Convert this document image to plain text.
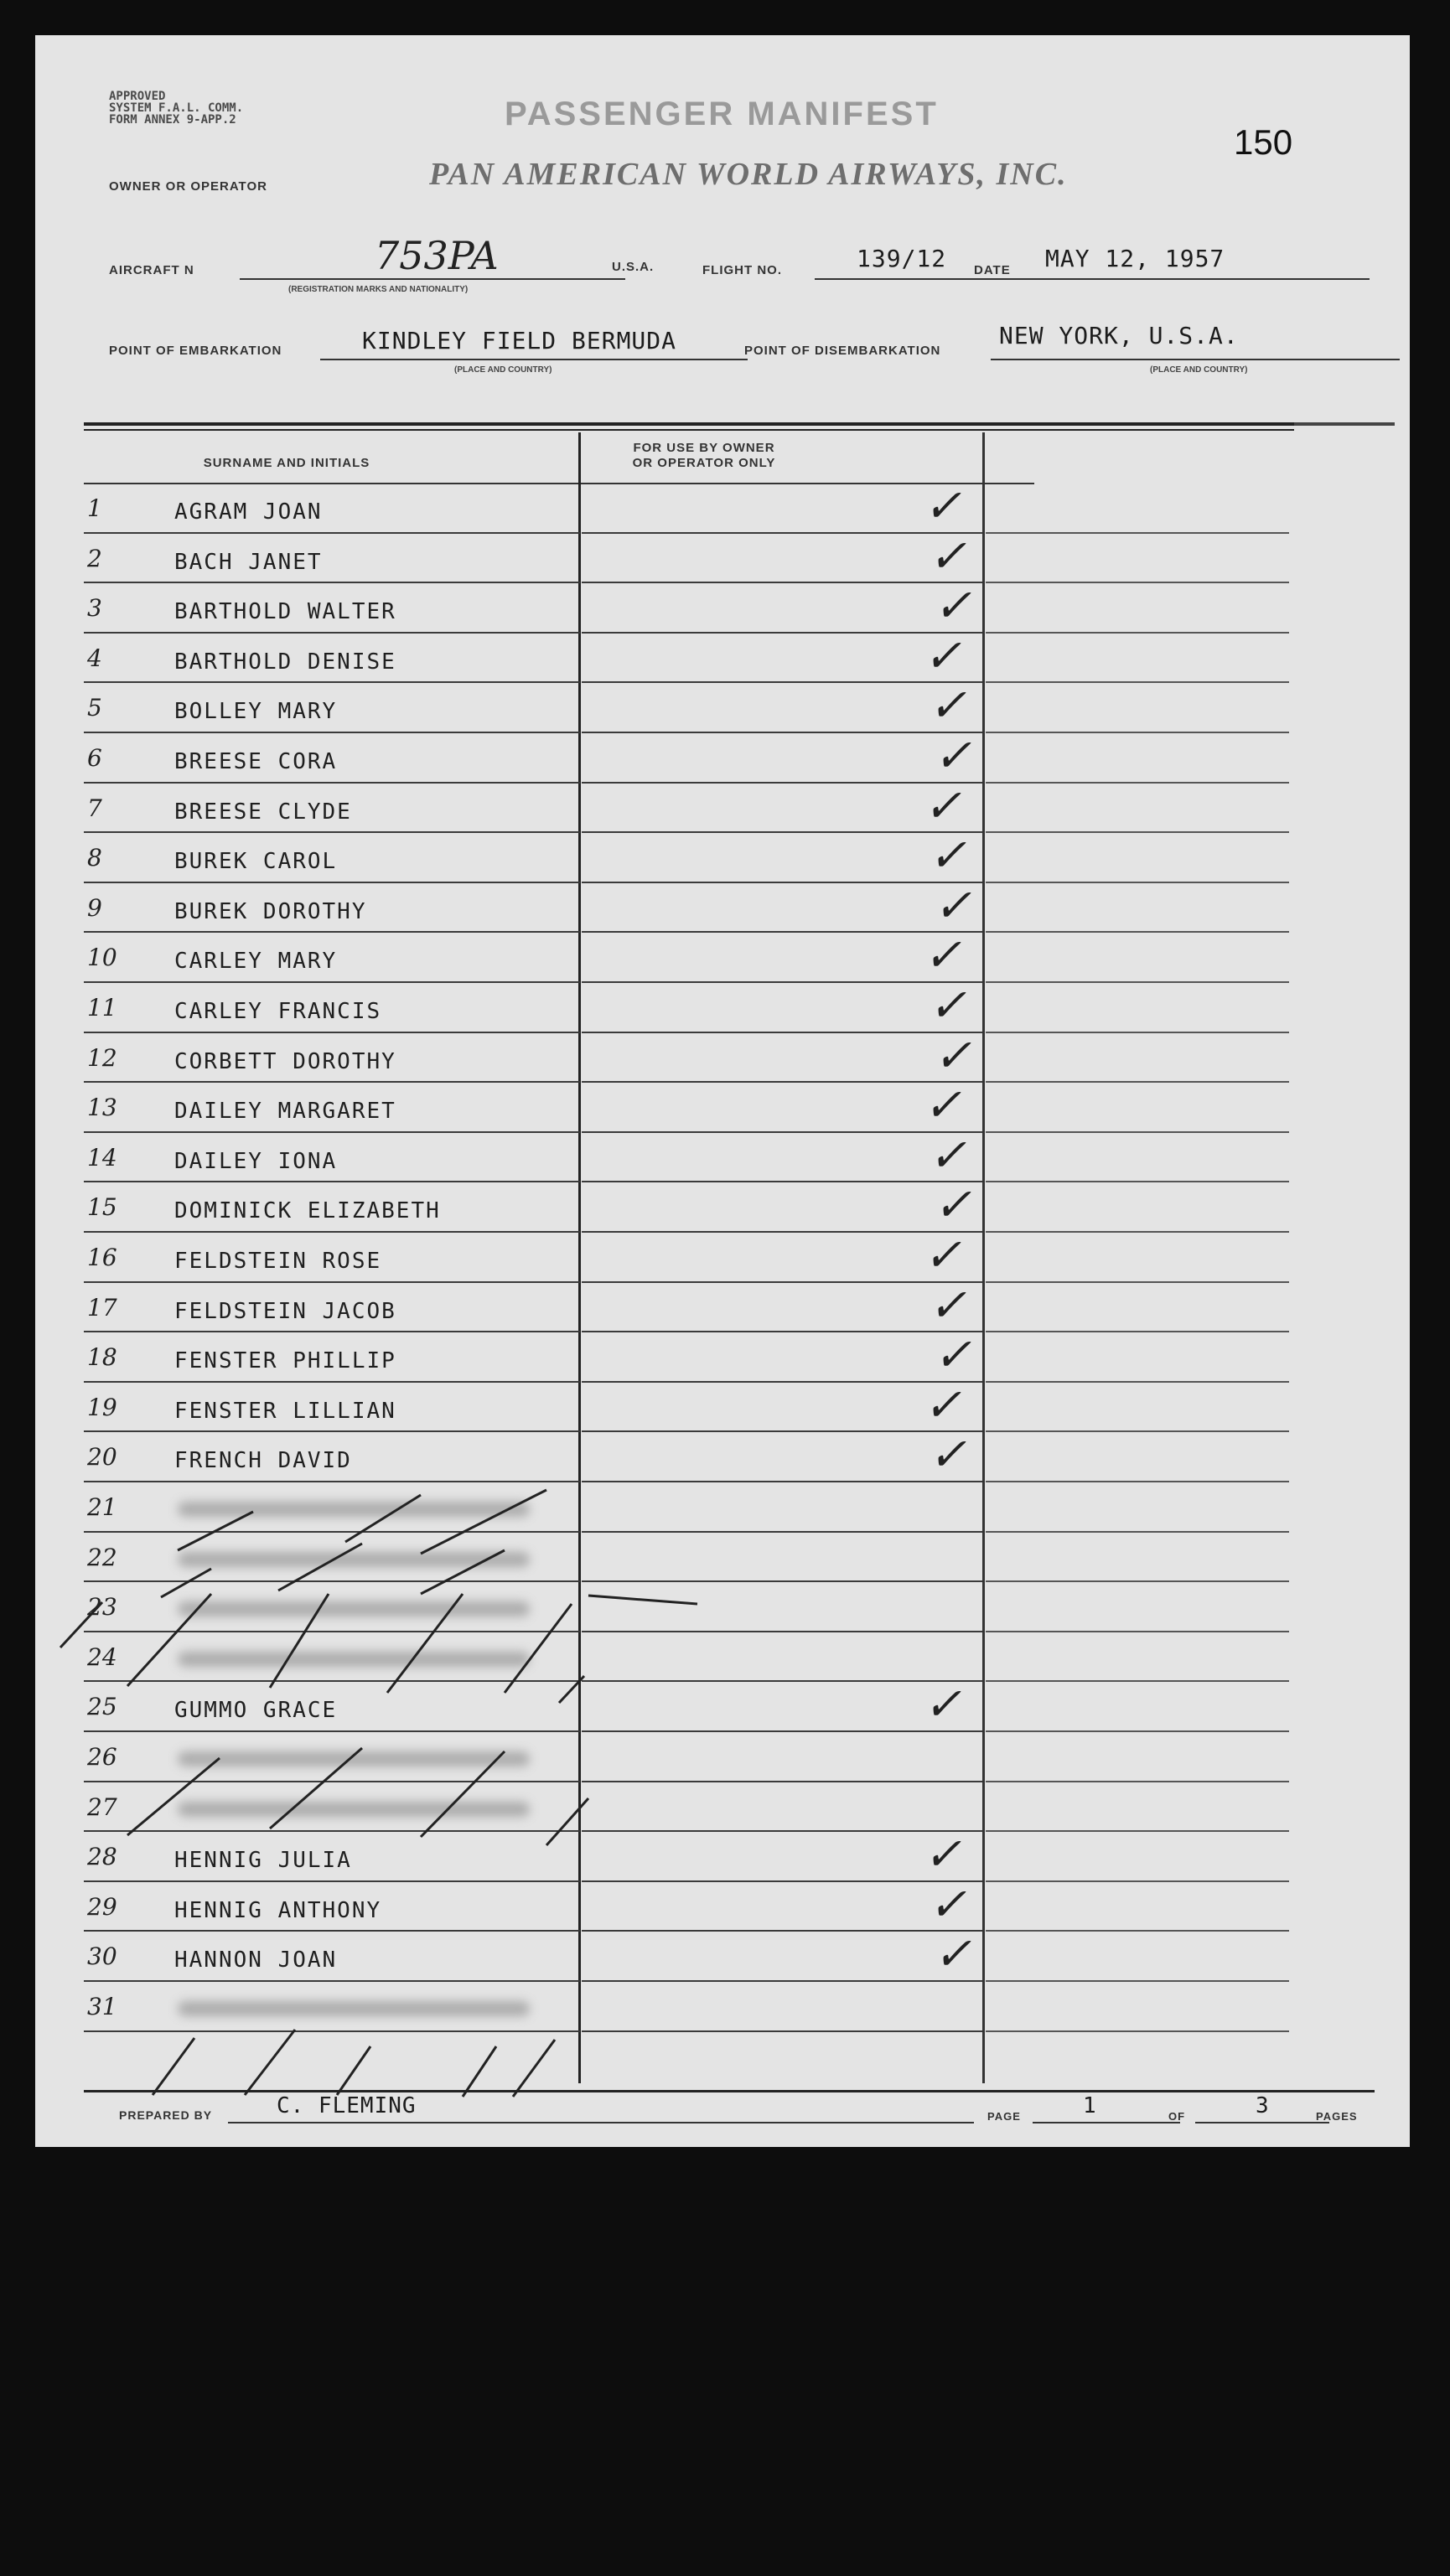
APPROVED
SYSTEM F.A.L. COMM.
FORM ANNEX 9-APP.2	PASSENGER MANIFEST
150
OWNER OR OPERATOR	PAN AMERICAN WORLD AIRWAYS, INC.
AIRCRAFT N	753PA
(REGISTRATION MARKS AND NATIONALITY)
U.S.A.	FLIGHT NO.	139/12 DATE MAY 12, 1957
POINT OF EMBARKATION	KINDLEY FIELD BERMUDA
(PLACE AND COUNTRY)
POINT OF DISEMBARKATION
NEW YORK, U.S.A.
(PLACE AND COUNTRY)
SURNAME AND INITIALS
FOR USE BY OWNER
OR OPERATOR ONLY
1	AGRAM JOAN	✓
2	BACH JANET	✓
3	BARTHOLD WALTER	✓
4	BARTHOLD DENISE	✓
5	BOLLEY MARY	✓
6	BREESE CORA	✓
7	BREESE CLYDE	✓
8	BUREK CAROL	✓
9	BUREK DOROTHY	✓
10	CARLEY MARY	✓
11	CARLEY FRANCIS	✓
12	CORBETT DOROTHY	✓
13	DAILEY MARGARET	✓
14	DAILEY IONA	✓
15	DOMINICK ELIZABETH	✓
16	FELDSTEIN ROSE	✓
17	FELDSTEIN JACOB	✓
18	FENSTER PHILLIP	✓
19	FENSTER LILLIAN	✓
20	FRENCH DAVID	✓
21
22
23
24
25	GUMMO GRACE	✓
26
27
28	HENNIG JULIA	✓
29	HENNIG ANTHONY	✓
30	HANNON JOAN	✓
31
PREPARED BY	C. FLEMING	PAGE	1	OF	3	PAGES
